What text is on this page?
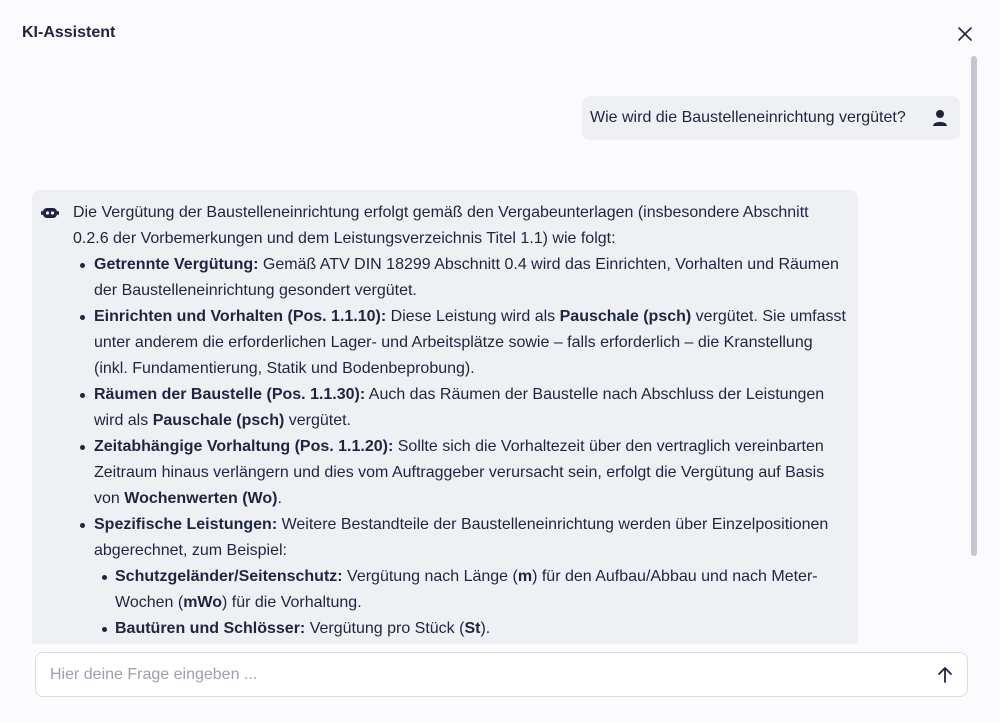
KI-Assistent
Wie wird die Baustelleneinrichtung vergütet?
Die Vergütung der Baustelleneinrichtung erfolgt gemäß den Vergabeunterlagen (insbesondere Abschnitt 0.2.6 der Vorbemerkungen und dem Leistungsverzeichnis Titel 1.1) wie folgt:
Getrennte Vergütung: Gemäß ATV DIN 18299 Abschnitt 0.4 wird das Einrichten, Vorhalten und Räumen der Baustelleneinrichtung gesondert vergütet.
Einrichten und Vorhalten (Pos. 1.1.10): Diese Leistung wird als Pauschale (psch) vergütet. Sie umfasst unter anderem die erforderlichen Lager- und Arbeitsplätze sowie – falls erforderlich – die Kranstellung (inkl. Fundamentierung, Statik und Bodenbeprobung).
Räumen der Baustelle (Pos. 1.1.30): Auch das Räumen der Baustelle nach Abschluss der Leistungen wird als Pauschale (psch) vergütet.
Zeitabhängige Vorhaltung (Pos. 1.1.20): Sollte sich die Vorhaltezeit über den vertraglich vereinbarten Zeitraum hinaus verlängern und dies vom Auftraggeber verursacht sein, erfolgt die Vergütung auf Basis von Wochenwerten (Wo).
Spezifische Leistungen: Weitere Bestandteile der Baustelleneinrichtung werden über Einzelpositionen abgerechnet, zum Beispiel:
Schutzgeländer/Seitenschutz: Vergütung nach Länge (m) für den Aufbau/Abbau und nach Meter-Wochen (mWo) für die Vorhaltung.
Bautüren und Schlösser: Vergütung pro Stück (St).
Hier deine Frage eingeben ...
